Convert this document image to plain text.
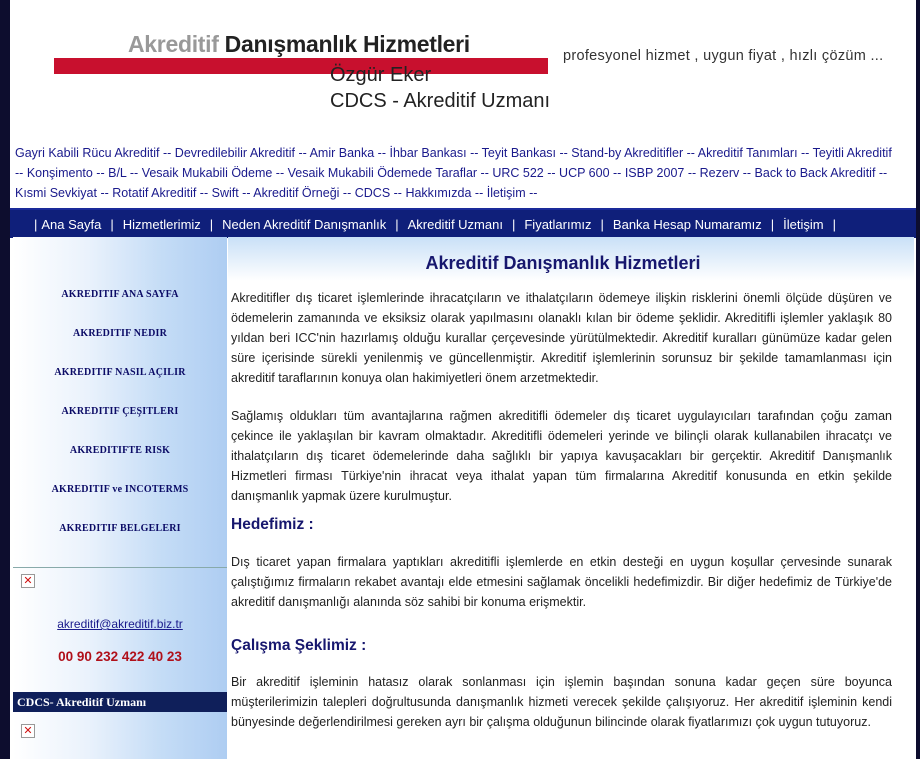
Akreditif Danışmanlık Hizmetleri
Özgür Eker
CDCS - Akreditif Uzmanı
profesyonel hizmet , uygun fiyat , hızlı çözüm ...
Gayri Kabili Rücu Akreditif -- Devredilebilir Akreditif -- Amir Banka -- İhbar Bankası -- Teyit Bankası -- Stand-by Akreditifler -- Akreditif Tanımları -- Teyitli Akreditif -- Konşimento -- B/L -- Vesaik Mukabili Ödeme -- Vesaik Mukabili Ödemede Taraflar -- URC 522 -- UCP 600 -- ISBP 2007 -- Rezerv -- Back to Back Akreditif -- Kısmi Sevkiyat -- Rotatif Akreditif -- Swift -- Akreditif Örneği -- CDCS -- Hakkımızda -- İletişim --
| Ana Sayfa | Hizmetlerimiz | Neden Akreditif Danışmanlık | Akreditif Uzmanı | Fiyatlarımız | Banka Hesap Numaramız | İletişim |
AKREDITIF ANA SAYFA
AKREDITIF NEDIR
AKREDITIF NASIL AÇILIR
AKREDITIF ÇEŞITLERI
AKREDITIFTE RISK
AKREDITIF ve INCOTERMS
AKREDITIF BELGELERI
✕
akreditif@akreditif.biz.tr
00 90 232 422 40 23
CDCS- Akreditif Uzmanı
✕
Akreditif Danışmanlık Hizmetleri
Akreditifler dış ticaret işlemlerinde ihracatçıların ve ithalatçıların ödemeye ilişkin risklerini önemli ölçüde düşüren ve ödemelerin zamanında ve eksiksiz olarak yapılmasını olanaklı kılan bir ödeme şeklidir. Akreditifli işlemler yaklaşık 80 yıldan beri ICC'nin hazırlamış olduğu kurallar çerçevesinde yürütülmektedir. Akreditif kuralları günümüze kadar gelen süre içerisinde sürekli yenilenmiş ve güncellenmiştir. Akreditif işlemlerinin sorunsuz bir şekilde tamamlanması için akreditif taraflarının konuya olan hakimiyetleri önem arzetmektedir.
Sağlamış oldukları tüm avantajlarına rağmen akreditifli ödemeler dış ticaret uygulayıcıları tarafından çoğu zaman çekince ile yaklaşılan bir kavram olmaktadır. Akreditifli ödemeleri yerinde ve bilinçli olarak kullanabilen ihracatçı ve ithalatçıların dış ticaret ödemelerinde daha sağlıklı bir yapıya kavuşacakları bir gerçektir. Akreditif Danışmanlık Hizmetleri firması Türkiye'nin ihracat veya ithalat yapan tüm firmalarına Akreditif konusunda en etkin şekilde danışmanlık yapmak üzere kurulmuştur.
Hedefimiz :
Dış ticaret yapan firmalara yaptıkları akreditifli işlemlerde en etkin desteği en uygun koşullar çervesinde sunarak çalıştığımız firmaların rekabet avantajı elde etmesini sağlamak öncelikli hedefimizdir. Bir diğer hedefimiz de Türkiye'de akreditif danışmanlığı alanında söz sahibi bir konuma erişmektir.
Çalışma Şeklimiz :
Bir akreditif işleminin hatasız olarak sonlanması için işlemin başından sonuna kadar geçen süre boyunca müşterilerimizin talepleri doğrultusunda danışmanlık hizmeti verecek şekilde çalışıyoruz. Her akreditif işleminin kendi bünyesinde değerlendirilmesi gereken ayrı bir çalışma olduğunun bilincinde olarak fiyatlarımızı çok uygun tutuyoruz.
